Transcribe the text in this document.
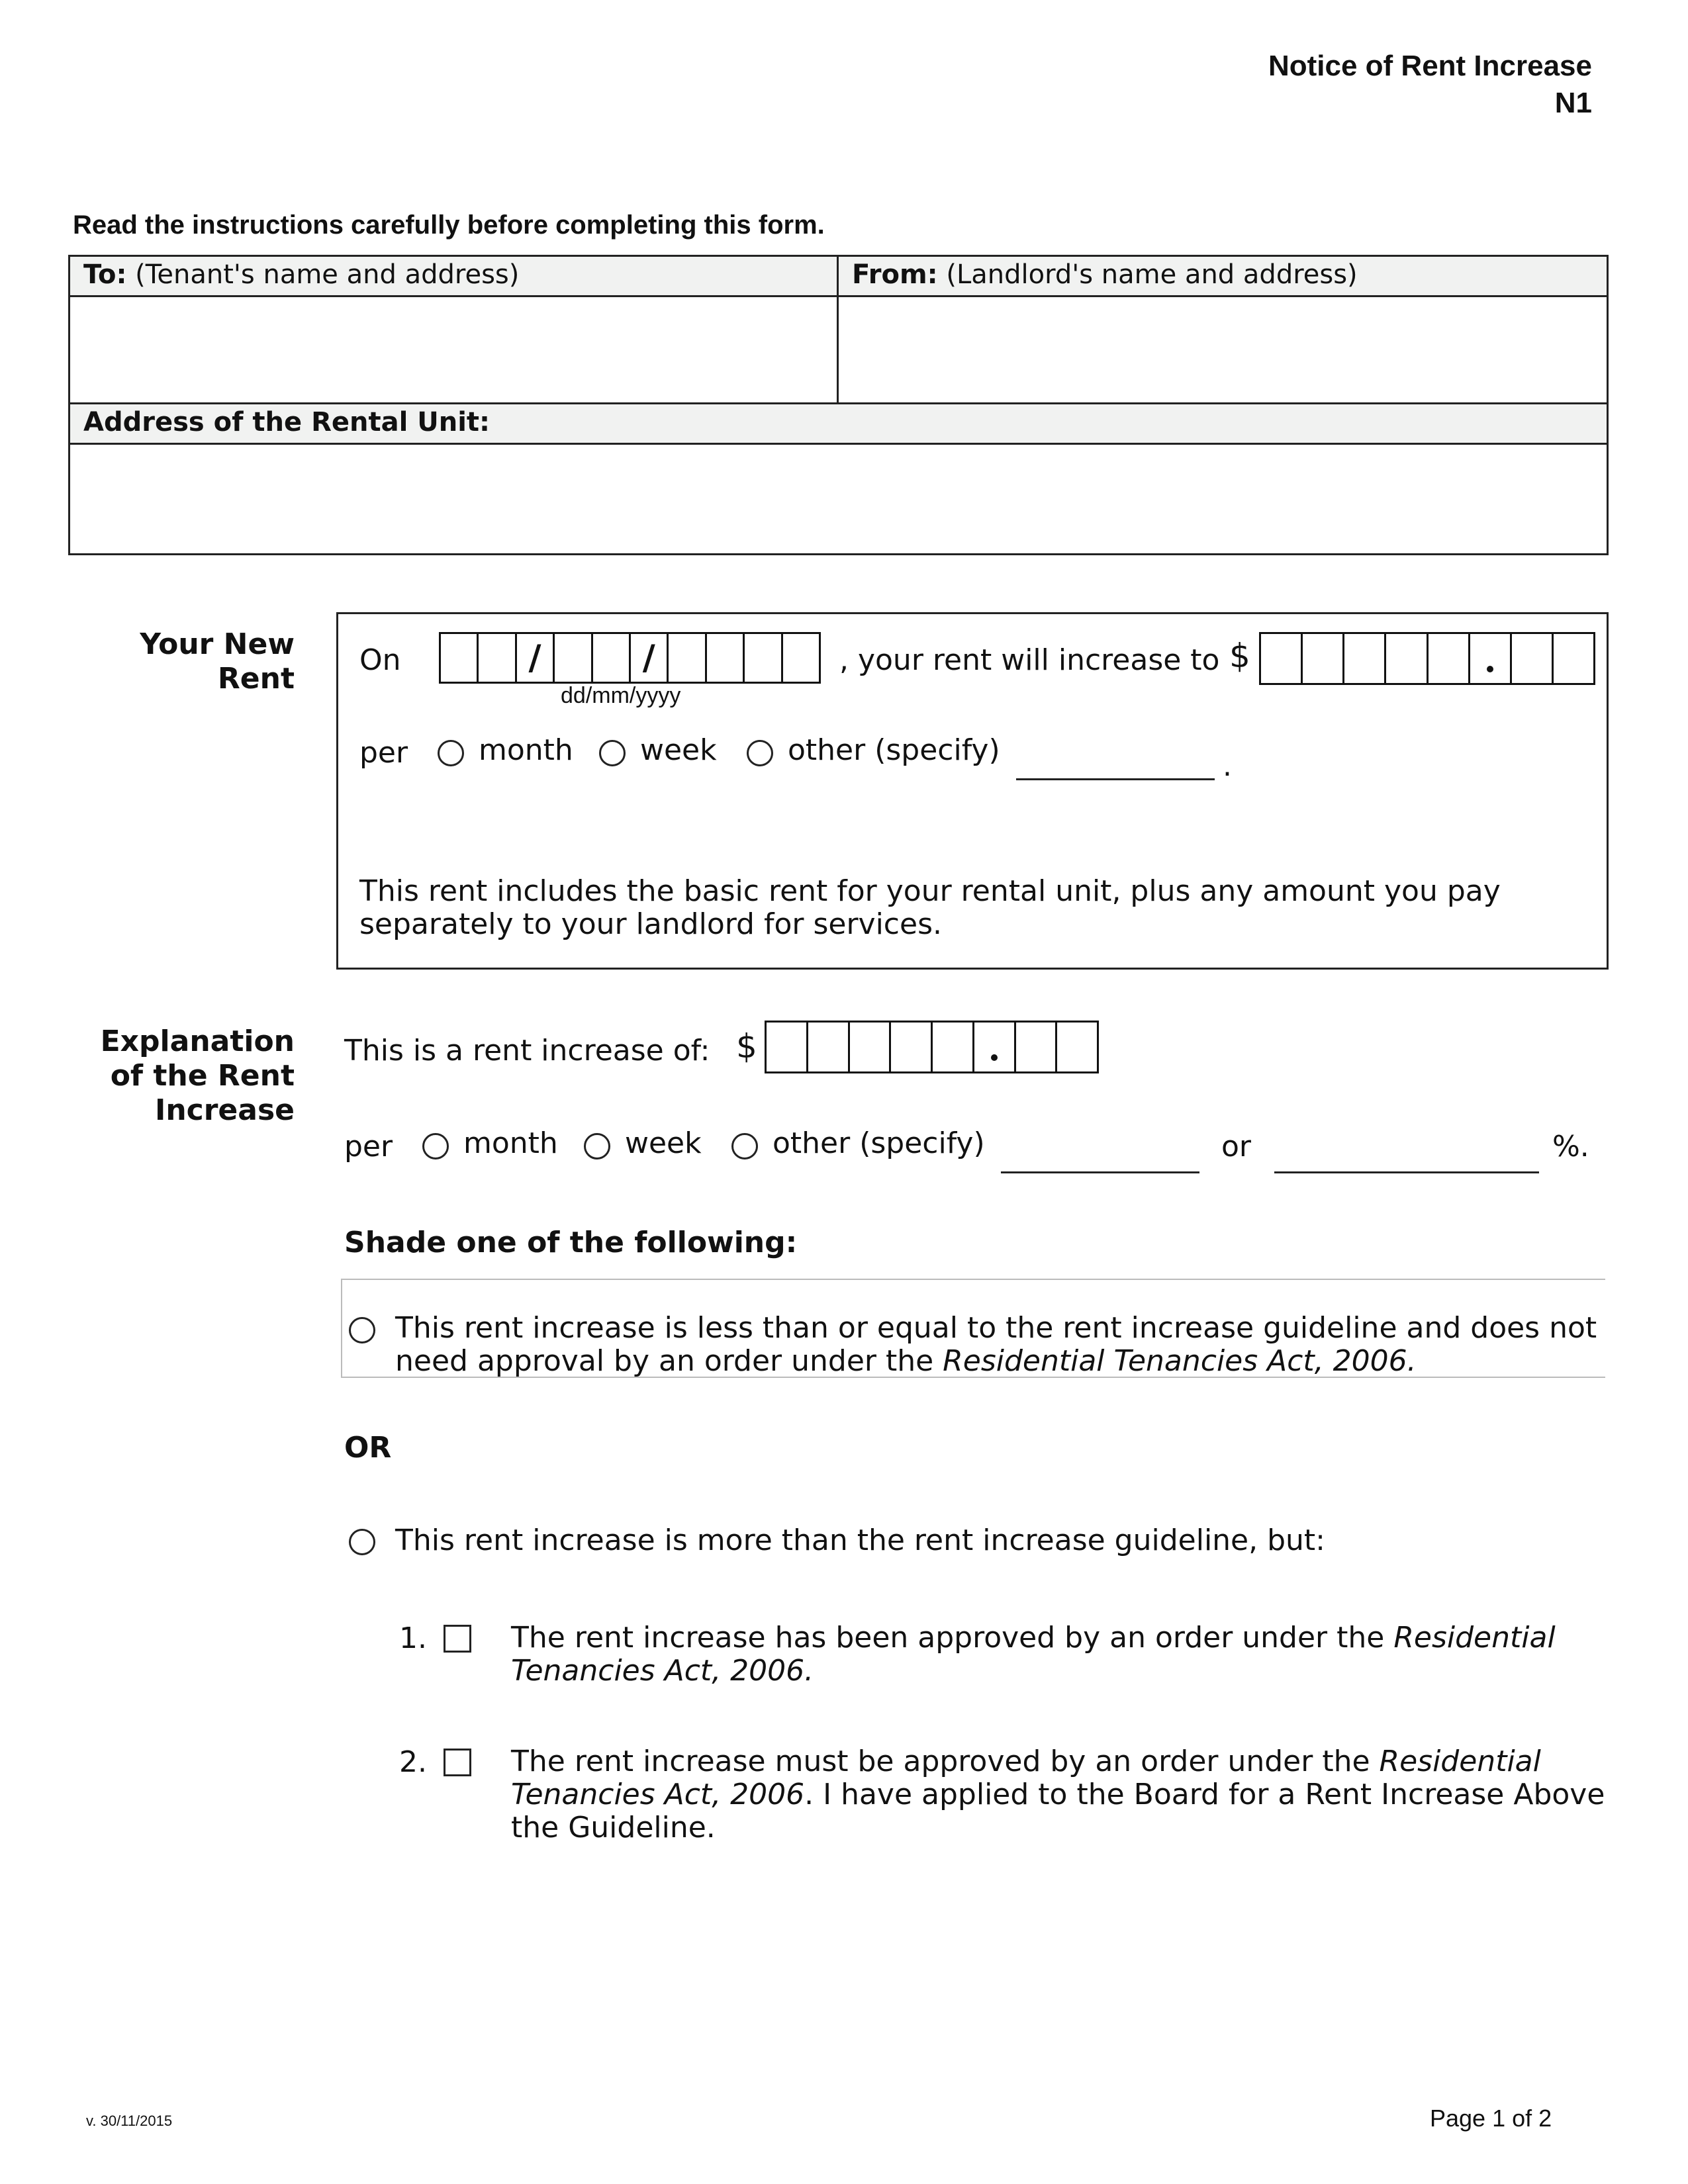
Notice of Rent Increase
N1
Read the instructions carefully before completing this form.
To: (Tenant's name and address)	From: (Landlord's name and address)
Address of the Rental Unit:
Your New
Rent
On	/	/
dd/mm/yyyy
, your rent will increase to $
per month week other (specify)	.
This rent includes the basic rent for your rental unit, plus any amount you pay
separately to your landlord for services.
Explanation
of the Rent
Increase
This is a rent increase of: $
per month week other (specify)	or	%.
Shade one of the following:
This rent increase is less than or equal to the rent increase guideline and does not
need approval by an order under the Residential Tenancies Act, 2006.
OR
This rent increase is more than the rent increase guideline, but:
1.	The rent increase has been approved by an order under the Residential
Tenancies Act, 2006.
2.	The rent increase must be approved by an order under the Residential
Tenancies Act, 2006. I have applied to the Board for a Rent Increase Above
the Guideline.
v. 30/11/2015	Page 1 of 2
